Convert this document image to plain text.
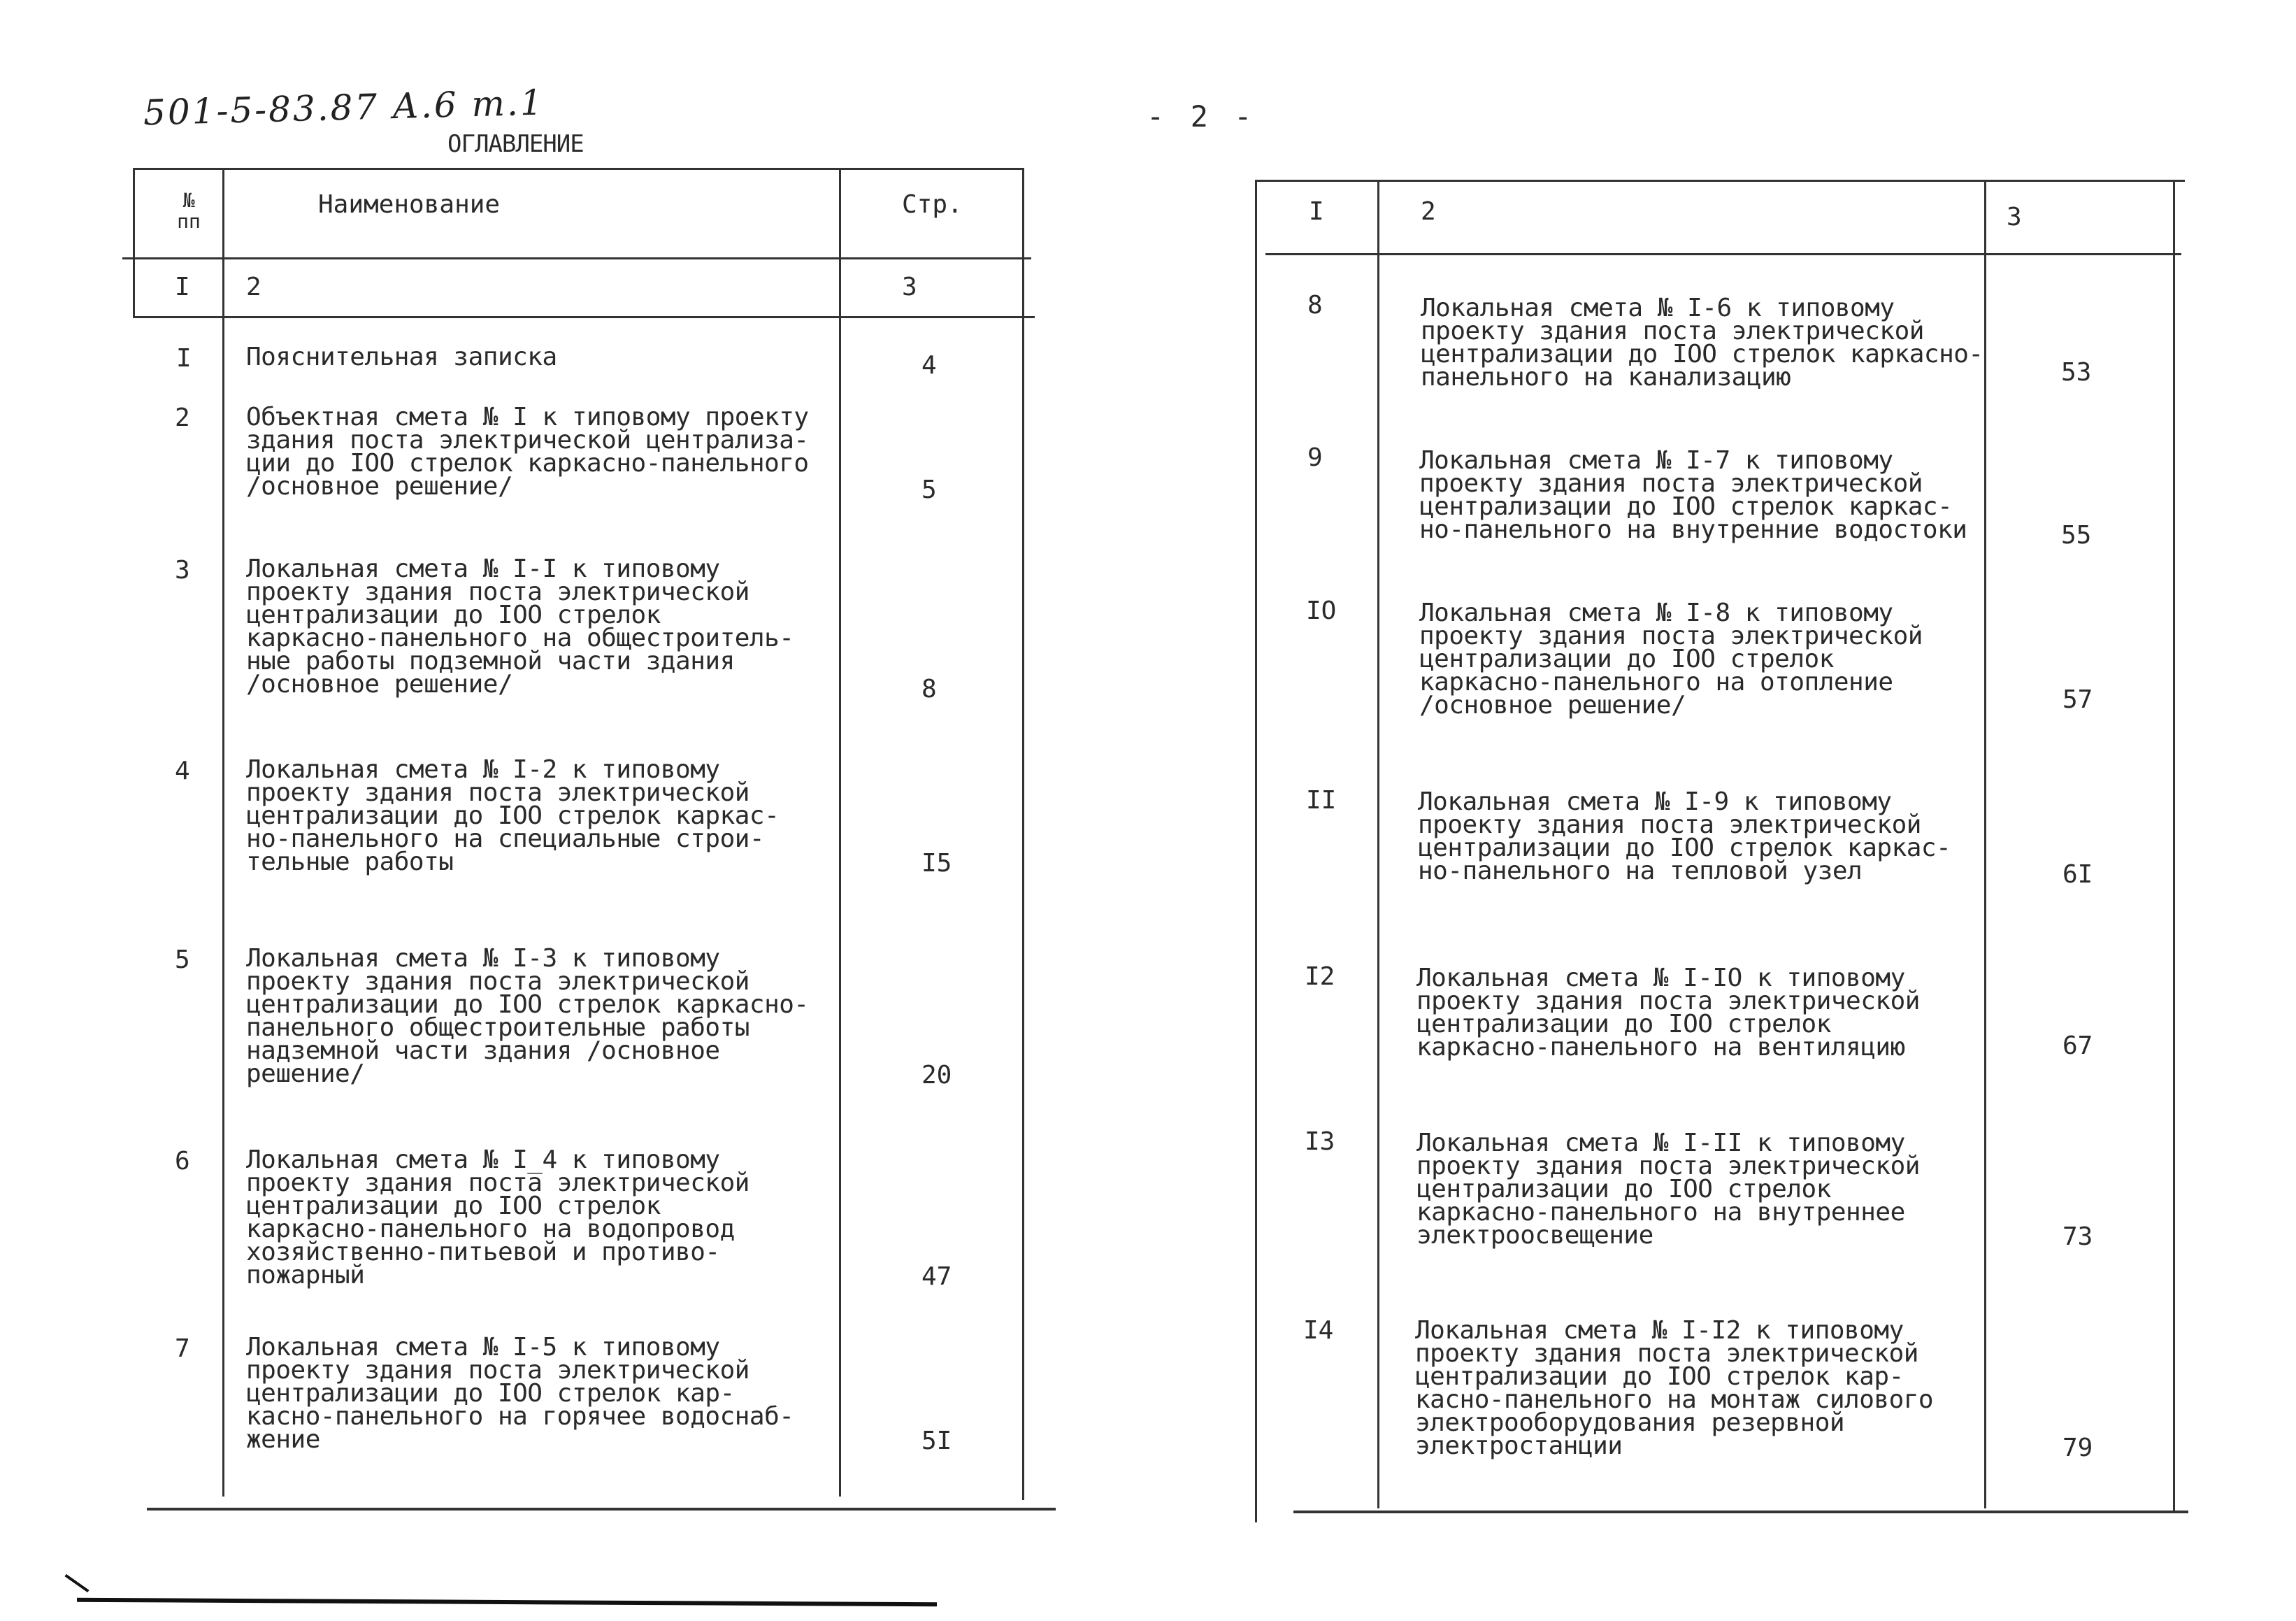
501-5-83.87 А.6 т.1
ОГЛАВЛЕНИЕ
- 2 -
№
пп
Наименование	Стр.
I 2	3
I Пояснительная записка	4
2 Объектная смета № I к типовому проекту
здания поста электрической централиза-
ции до IOO стрелок каркасно-панельного
/основное решение/	5
3 Локальная смета № I-I к типовому
проекту здания поста электрической
централизации до IOO стрелок
каркасно-панельного на общестроитель-
ные работы подземной части здания
/основное решение/	8
4 Локальная смета № I-2 к типовому
проекту здания поста электрической
централизации до IOO стрелок каркас-
но-панельного на специальные строи-
тельные работы	I5
5 Локальная смета № I-3 к типовому
проекту здания поста электрической
централизации до IOO стрелок каркасно-
панельного общестроительные работы
надземной части здания /основное
решение/	20
6 Локальная смета № I_4 к типовому
проекту здания поста электрической
централизации до IOO стрелок
каркасно-панельного на водопровод
хозяйственно-питьевой и противо-
пожарный	47
7 Локальная смета № I-5 к типовому
проекту здания поста электрической
централизации до IOO стрелок кар-
касно-панельного на горячее водоснаб-
жение	5I
I	2	3
8	Локальная смета № I-6 к типовому
проекту здания поста электрической
централизации до IOO стрелок каркасно-
панельного на канализацию	53
9	Локальная смета № I-7 к типовому
проекту здания поста электрической
централизации до IOO стрелок каркас-
но-панельного на внутренние водостоки	55
IO	Локальная смета № I-8 к типовому
проекту здания поста электрической
централизации до IOO стрелок
каркасно-панельного на отопление
/основное решение/	57
II	Локальная смета № I-9 к типовому
проекту здания поста электрической
централизации до IOO стрелок каркас-
но-панельного на тепловой узел	6I
I2	Локальная смета № I-IO к типовому
проекту здания поста электрической
централизации до IOO стрелок
каркасно-панельного на вентиляцию	67
I3	Локальная смета № I-II к типовому
проекту здания поста электрической
централизации до IOO стрелок
каркасно-панельного на внутреннее
электроосвещение	73
I4	Локальная смета № I-I2 к типовому
проекту здания поста электрической
централизации до IOO стрелок кар-
касно-панельного на монтаж силового
электрооборудования резервной
электростанции	79
